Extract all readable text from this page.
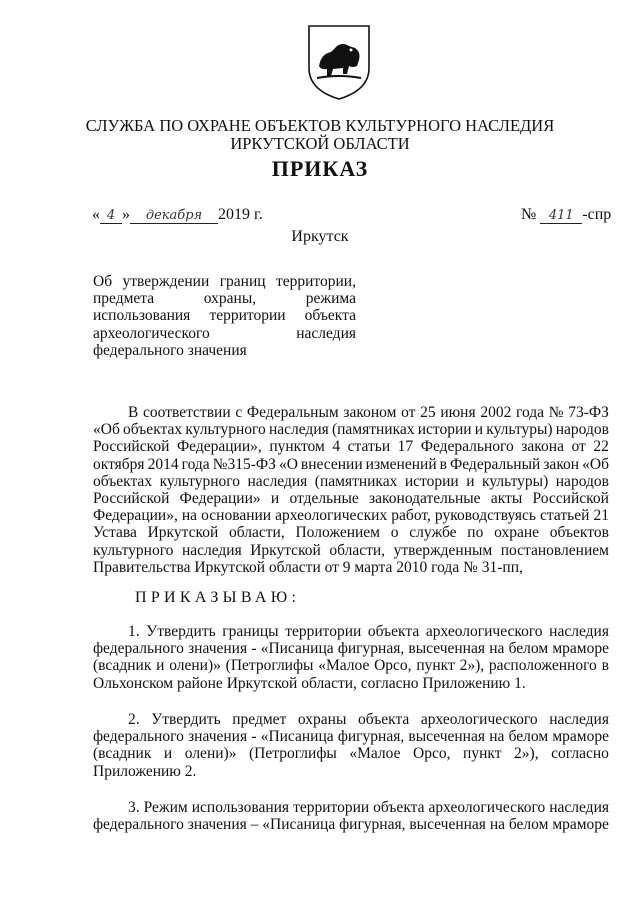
СЛУЖБА ПО ОХРАНЕ ОБЪЕКТОВ КУЛЬТУРНОГО НАСЛЕДИЯ
ИРКУТСКОЙ ОБЛАСТИ
ПРИКАЗ
« 4 » декабря 2019 г.	№ 411 -спр
Иркутск
Об утверждении границ территории,
предмета	охраны,	режима
использования территории объекта
археологического	наследия
федерального значения
В соответствии с Федеральным законом от 25 июня 2002 года № 73-ФЗ
«Об объектах культурного наследия (памятниках истории и культуры) народов
Российской Федерации», пунктом 4 статьи 17 Федерального закона от 22
октября 2014 года №315-ФЗ «О внесении изменений в Федеральный закон «Об
объектах культурного наследия (памятниках истории и культуры) народов
Российской Федерации» и отдельные законодательные акты Российской
Федерации», на основании археологических работ, руководствуясь статьей 21
Устава Иркутской области, Положением о службе по охране объектов
культурного наследия Иркутской области, утвержденным постановлением
Правительства Иркутской области от 9 марта 2010 года № 31-пп,
ПРИКАЗЫВАЮ:
1. Утвердить границы территории объекта археологического наследия
федерального значения - «Писаница фигурная, высеченная на белом мраморе
(всадник и олени)» (Петроглифы «Малое Орсо, пункт 2»), расположенного в
Ольхонском районе Иркутской области, согласно Приложению 1.
2. Утвердить предмет охраны объекта археологического наследия
федерального значения - «Писаница фигурная, высеченная на белом мраморе
(всадник и олени)» (Петроглифы «Малое Орсо, пункт 2»), согласно
Приложению 2.
3. Режим использования территории объекта археологического наследия
федерального значения – «Писаница фигурная, высеченная на белом мраморе
